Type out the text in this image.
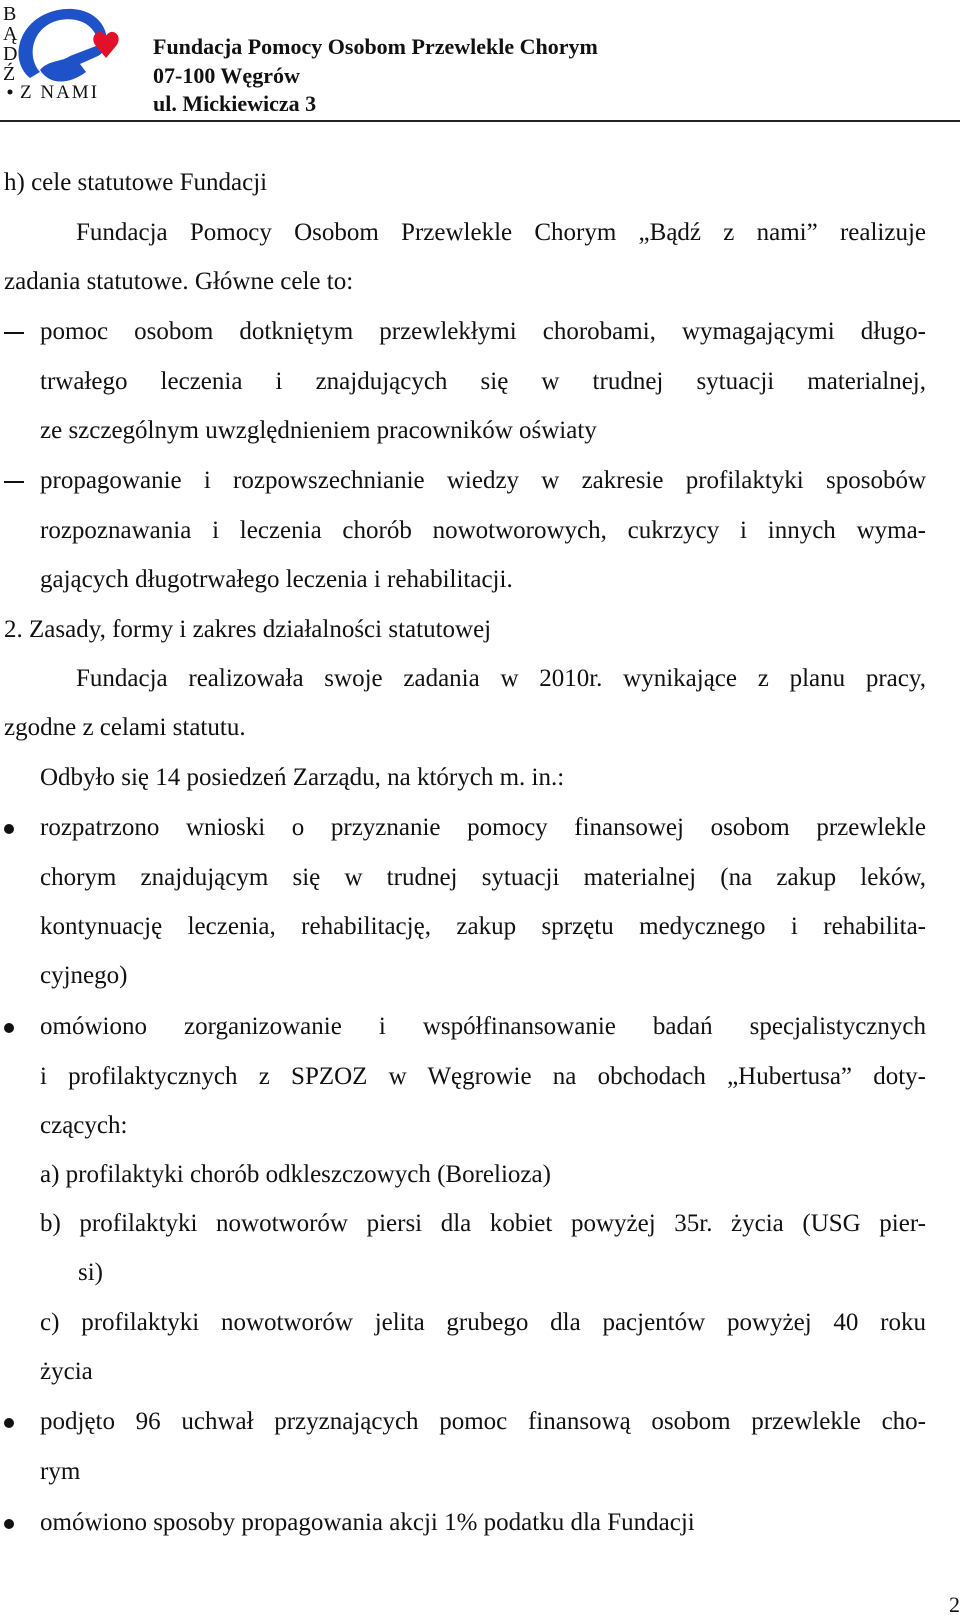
B
Ą
D
Ź
Z NAMI
Fundacja Pomocy Osobom Przewlekle Chorym
07-100 Węgrów
ul. Mickiewicza 3
h) cele statutowe Fundacji
Fundacja Pomocy Osobom Przewlekle Chorym „Bądź z nami” realizuje
zadania statutowe. Główne cele to:
pomoc osobom dotkniętym przewlekłymi chorobami, wymagającymi długo-
trwałego leczenia i znajdujących się w trudnej sytuacji materialnej,
ze szczególnym uwzględnieniem pracowników oświaty
propagowanie i rozpowszechnianie wiedzy w zakresie profilaktyki sposobów
rozpoznawania i leczenia chorób nowotworowych, cukrzycy i innych wyma-
gających długotrwałego leczenia i rehabilitacji.
2. Zasady, formy i zakres działalności statutowej
Fundacja realizowała swoje zadania w 2010r. wynikające z planu pracy,
zgodne z celami statutu.
Odbyło się 14 posiedzeń Zarządu, na których m. in.:
rozpatrzono wnioski o przyznanie pomocy finansowej osobom przewlekle
chorym znajdującym się w trudnej sytuacji materialnej (na zakup leków,
kontynuację leczenia, rehabilitację, zakup sprzętu medycznego i rehabilita-
cyjnego)
omówiono zorganizowanie i współfinansowanie badań specjalistycznych
i profilaktycznych z SPZOZ w Węgrowie na obchodach „Hubertusa” doty-
czących:
a) profilaktyki chorób odkleszczowych (Borelioza)
b) profilaktyki nowotworów piersi dla kobiet powyżej 35r. życia (USG pier-
si)
c) profilaktyki nowotworów jelita grubego dla pacjentów powyżej 40 roku
życia
podjęto 96 uchwał przyznających pomoc finansową osobom przewlekle cho-
rym
omówiono sposoby propagowania akcji 1% podatku dla Fundacji
2
